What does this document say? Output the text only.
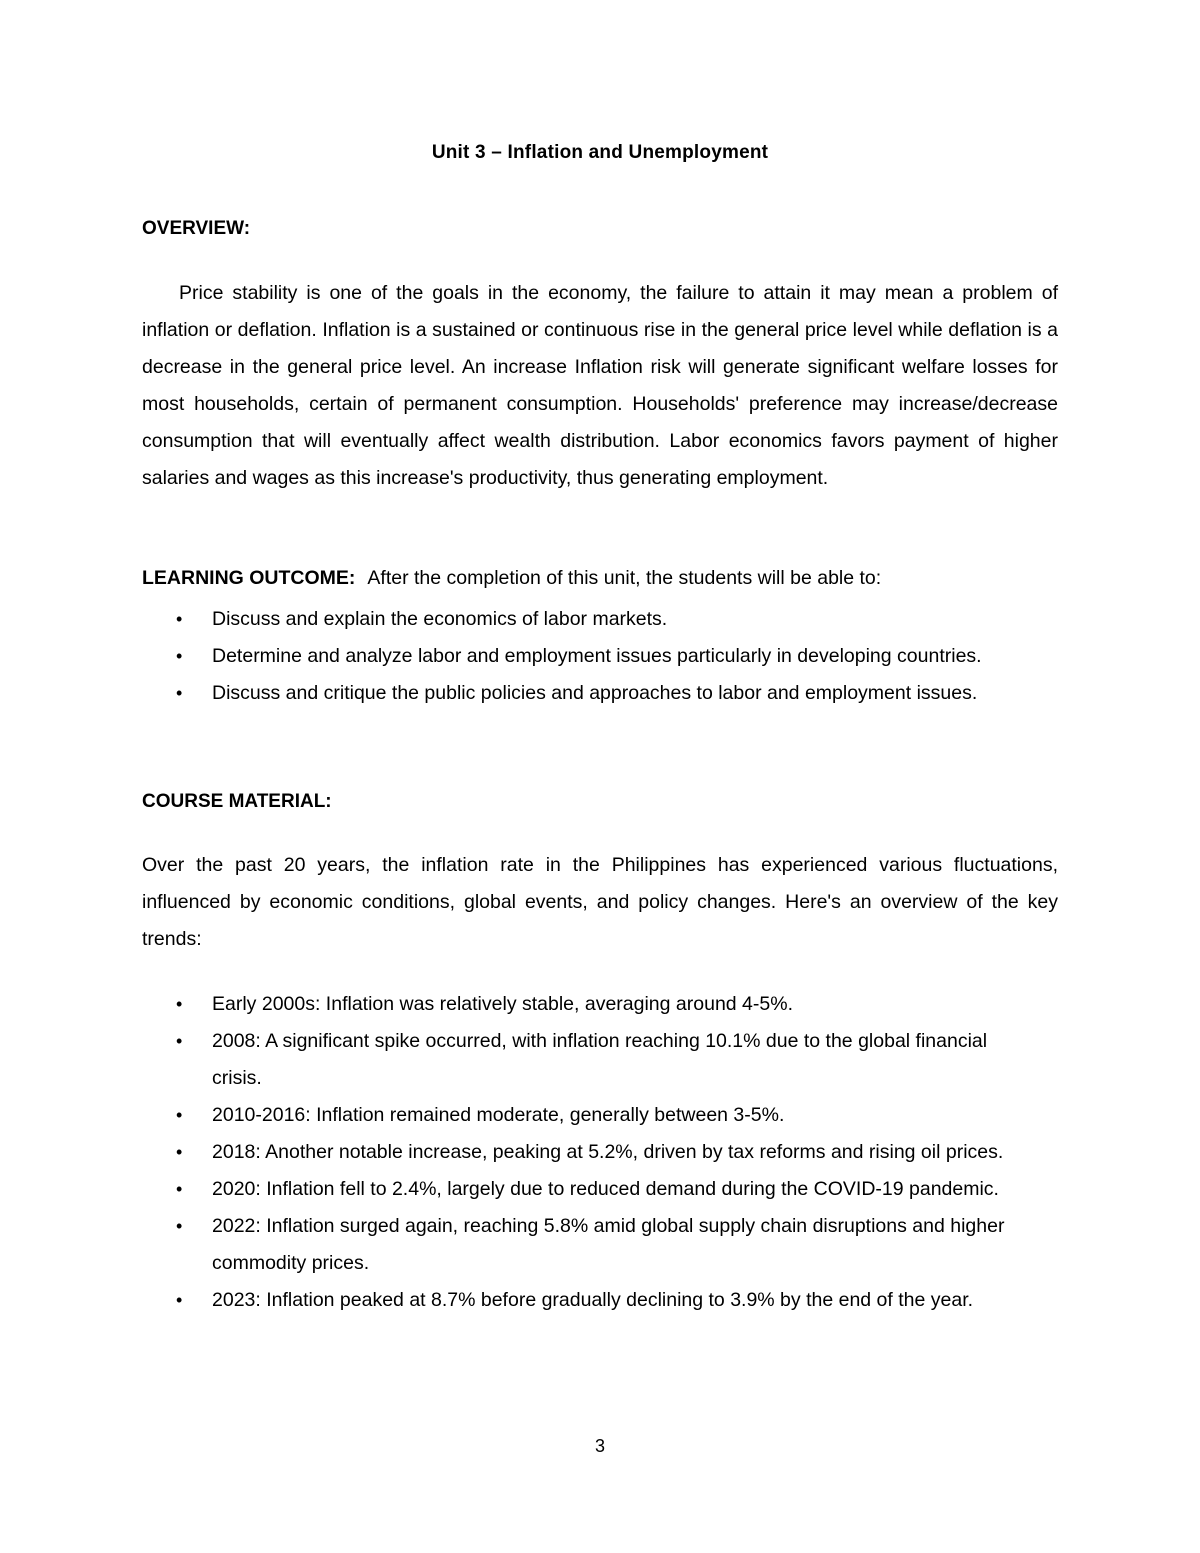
Unit 3 – Inflation and Unemployment
OVERVIEW:

Price stability is one of the goals in the economy, the failure to attain it may mean a problem of inflation or deflation. Inflation is a sustained or continuous rise in the general price level while deflation is a decrease in the general price level. An increase Inflation risk will generate significant welfare losses for most households, certain of permanent consumption. Households' preference may increase/decrease consumption that will eventually affect wealth distribution. Labor economics favors payment of higher salaries and wages as this increase's productivity, thus generating employment.

LEARNING OUTCOME: After the completion of this unit, the students will be able to:
• Discuss and explain the economics of labor markets.
• Determine and analyze labor and employment issues particularly in developing countries.
• Discuss and critique the public policies and approaches to labor and employment issues.
COURSE MATERIAL:

Over the past 20 years, the inflation rate in the Philippines has experienced various fluctuations, influenced by economic conditions, global events, and policy changes. Here's an overview of the key trends:

• Early 2000s: Inflation was relatively stable, averaging around 4-5%.
• 2008: A significant spike occurred, with inflation reaching 10.1% due to the global financial crisis.
• 2010-2016: Inflation remained moderate, generally between 3-5%.
• 2018: Another notable increase, peaking at 5.2%, driven by tax reforms and rising oil prices.
• 2020: Inflation fell to 2.4%, largely due to reduced demand during the COVID-19 pandemic.
• 2022: Inflation surged again, reaching 5.8% amid global supply chain disruptions and higher commodity prices.
• 2023: Inflation peaked at 8.7% before gradually declining to 3.9% by the end of the year.
3
